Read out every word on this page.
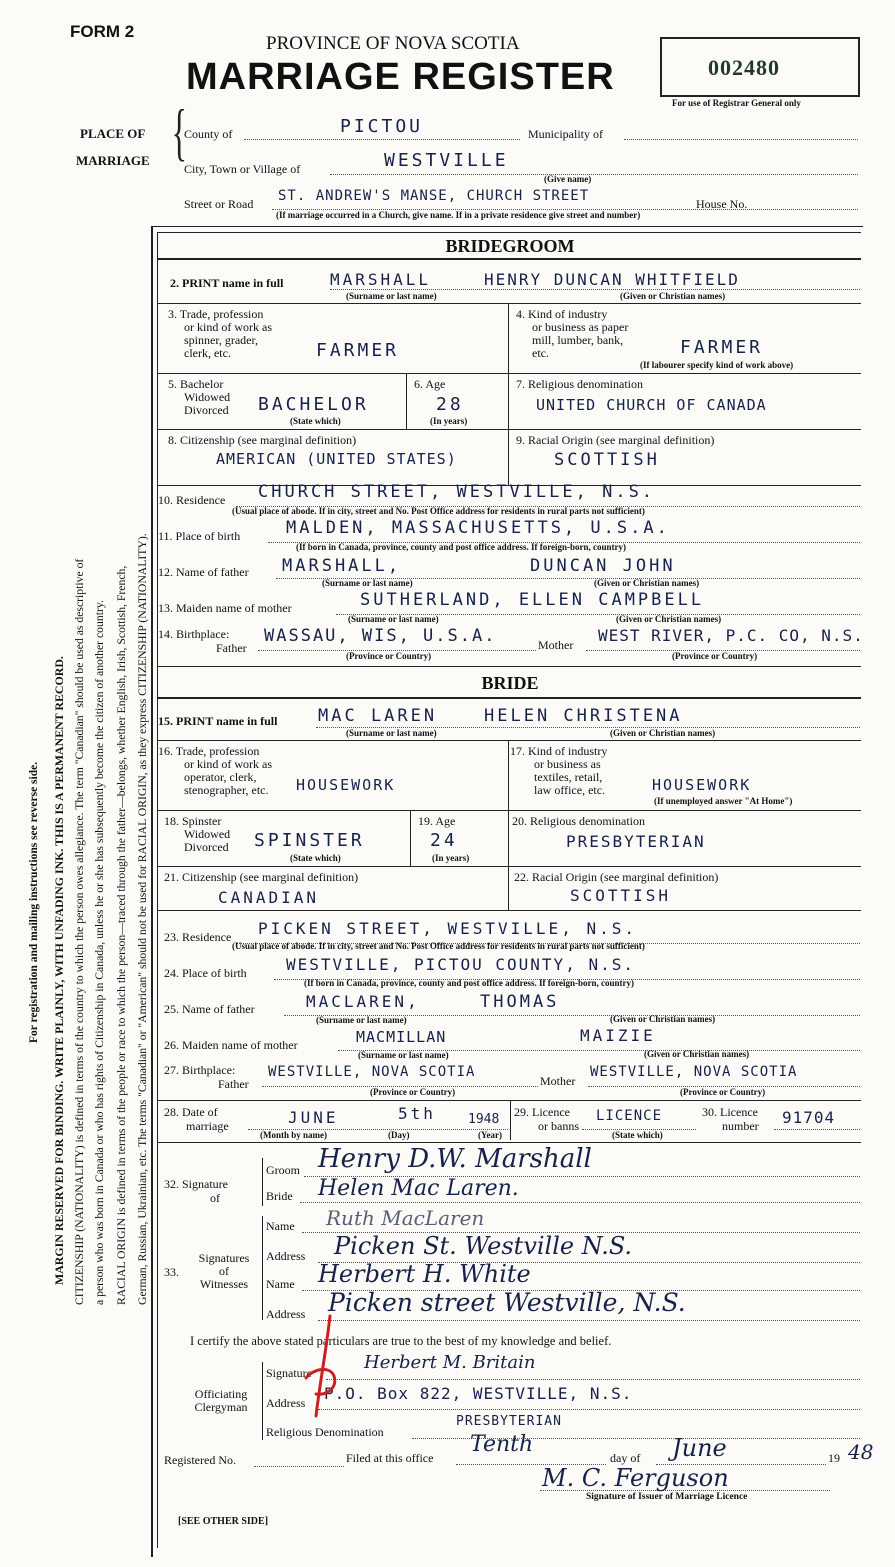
FORM 2
PROVINCE OF NOVA SCOTIA
MARRIAGE REGISTER	002480
For use of Registrar General only
PLACE OF
MARRIAGE {
County of	PICTOU	Municipality of
City, Town or Village of	WESTVILLE
(Give name)
Street or Road ST. ANDREW'S MANSE, CHURCH STREET	House No.
(If marriage occurred in a Church, give name. If in a private residence give street and number)
For registration and mailing instructions see reverse side. MARGIN RESERVED FOR BINDING. WRITE PLAINLY, WITH UNFADING INK. THIS IS A PERMANENT RECORD. CITIZENSHIP (NATIONALITY) is defined in terms of the country to which the person owes allegiance. The term "Canadian" should be used as descriptive of a person who was born in Canada or who has rights of Citizenship in Canada, unless he or she has subsequently become the citizen of another country. RACIAL ORIGIN is defined in terms of the people or race to which the person—traced through the father—belongs, whether English, Irish, Scottish, French, German, Russian, Ukrainian, etc. The terms "Canadian" or "American" should not be used for RACIAL ORIGIN, as they express CITIZENSHIP (NATIONALITY).
BRIDEGROOM
2. PRINT name in full	MARSHALL	HENRY DUNCAN WHITFIELD
(Surname or last name)	(Given or Christian names)
3. Trade, profession
or kind of work as
spinner, grader,
clerk, etc.	FARMER
4. Kind of industry
or business as paper
mill, lumber, bank,
etc.	FARMER
(If labourer specify kind of work above)
5. Bachelor
Widowed
Divorced BACHELOR
(State which)
6. Age
28
(In years)
7. Religious denomination
UNITED CHURCH OF CANADA
8. Citizenship (see marginal definition)
AMERICAN (UNITED STATES)
9. Racial Origin (see marginal definition)
SCOTTISH
10. Residence CHURCH STREET, WESTVILLE, N.S.
(Usual place of abode. If in city, street and No. Post Office address for residents in rural parts not sufficient)
11. Place of birth	MALDEN, MASSACHUSETTS, U.S.A.
(If born in Canada, province, county and post office address. If foreign-born, country)
12. Name of father MARSHALL,	DUNCAN JOHN
(Surname or last name)	(Given or Christian names)
13. Maiden name of mother	SUTHERLAND, ELLEN CAMPBELL
(Surname or last name)	(Given or Christian names)
14. Birthplace:
Father
WASSAU, WIS, U.S.A.	Mother WEST RIVER, P.C. CO, N.S.
(Province or Country)	(Province or Country)
BRIDE
15. PRINT name in full MAC LAREN	HELEN CHRISTENA
(Surname or last name)	(Given or Christian names)
16. Trade, profession
or kind of work as
operator, clerk,
stenographer, etc. HOUSEWORK
17. Kind of industry
or business as
textiles, retail,
law office, etc.	HOUSEWORK
(If unemployed answer "At Home")
18. Spinster
Widowed
Divorced SPINSTER
(State which)
19. Age
24
(In years)
20. Religious denomination
PRESBYTERIAN
21. Citizenship (see marginal definition)
CANADIAN
22. Racial Origin (see marginal definition)
SCOTTISH
23. Residence PICKEN STREET, WESTVILLE, N.S.
(Usual place of abode. If in city, street and No. Post Office address for residents in rural parts not sufficient)
24. Place of birth WESTVILLE, PICTOU COUNTY, N.S.
(If born in Canada, province, county and post office address. If foreign-born, country)
25. Name of father	MACLAREN,	THOMAS
(Surname or last name)	(Given or Christian names)
26. Maiden name of mother	MACMILLAN	MAIZIE
(Surname or last name)	(Given or Christian names)
27. Birthplace:
Father
WESTVILLE, NOVA SCOTIA
Mother
WESTVILLE, NOVA SCOTIA
(Province or Country)	(Province or Country)
28. Date of
marriage	JUNE	5th 1948
(Month by name)	(Day)	(Year)
29. Licence
or banns
LICENCE
(State which)
30. Licence
number 91704
32. Signature
of
Groom Henry D.W. Marshall
Bride Helen Mac Laren.
33.
Signatures
of
Witnesses
Name Ruth MacLaren
Address Picken St. Westville N.S.
Name Herbert H. White
Address Picken street Westville, N.S.
I certify the above stated particulars are true to the best of my knowledge and belief.
Officiating
Clergyman
Signature	Herbert M. Britain
Address P.O. Box 822, WESTVILLE, N.S.
Religious Denomination
PRESBYTERIAN
Registered No.	Filed at this office
Tenth
day of June	19 48
M. C. Ferguson
Signature of Issuer of Marriage Licence
[SEE OTHER SIDE]
